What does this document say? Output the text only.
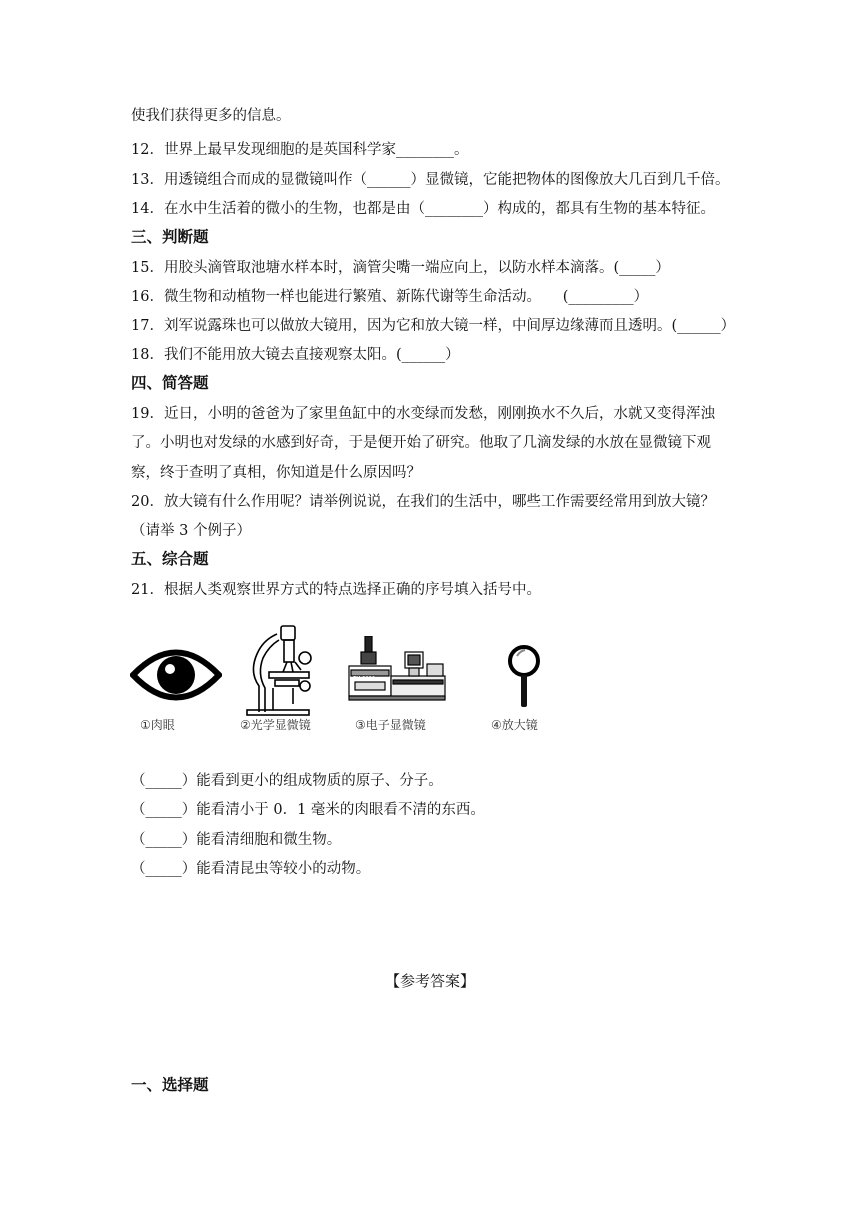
使我们获得更多的信息。
12．世界上最早发现细胞的是英国科学家________。
13．用透镜组合而成的显微镜叫作（______）显微镜，它能把物体的图像放大几百到几千倍。
14．在水中生活着的微小的生物，也都是由（________）构成的，都具有生物的基本特征。
三、判断题
15．用胶头滴管取池塘水样本时，滴管尖嘴一端应向上，以防水样本滴落。(_____）
16．微生物和动植物一样也能进行繁殖、新陈代谢等生命活动。　　(_________）
17．刘军说露珠也可以做放大镜用，因为它和放大镜一样，中间厚边缘薄而且透明。(______）
18．我们不能用放大镜去直接观察太阳。(______）
四、简答题
19．近日，小明的爸爸为了家里鱼缸中的水变绿而发愁，刚刚换水不久后，水就又变得浑浊
了。小明也对发绿的水感到好奇，于是便开始了研究。他取了几滴发绿的水放在显微镜下观
察，终于查明了真相，你知道是什么原因吗？
20．放大镜有什么作用呢？请举例说说，在我们的生活中，哪些工作需要经常用到放大镜？
（请举 3 个例子）
五、综合题
21．根据人类观察世界方式的特点选择正确的序号填入括号中。
EM-2000
①肉眼	②光学显微镜	③电子显微镜	④放大镜
（_____）能看到更小的组成物质的原子、分子。
（_____）能看清小于 0．1 毫米的肉眼看不清的东西。
（_____）能看清细胞和微生物。
（_____）能看清昆虫等较小的动物。
【参考答案】
一、选择题
